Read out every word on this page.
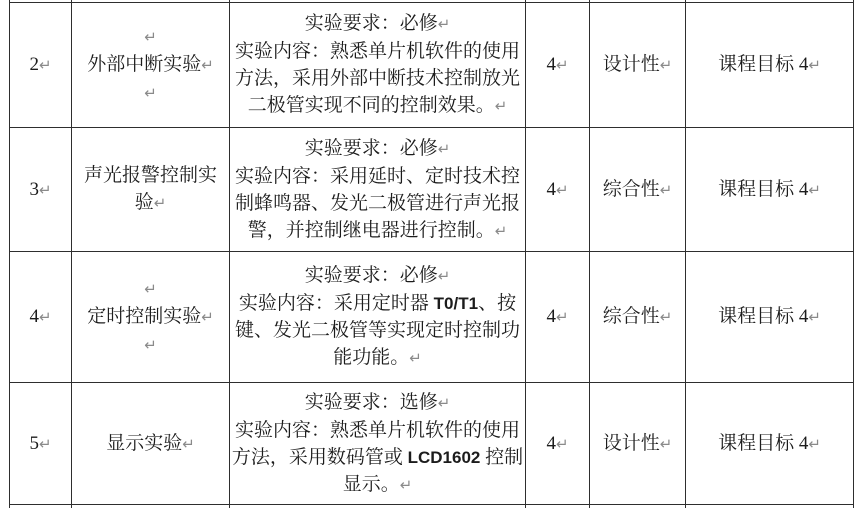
2↵	↵
外部中断实验↵
↵	实验要求：必修↵
实验内容：熟悉单片机软件的使用
方法，采用外部中断技术控制放光
二极管实现不同的控制效果。↵	4↵	设计性↵	课程目标 4↵
3↵	声光报警控制实
验↵	实验要求：必修↵
实验内容：采用延时、定时技术控
制蜂鸣器、发光二极管进行声光报
警，并控制继电器进行控制。↵	4↵	综合性↵	课程目标 4↵
4↵	↵
定时控制实验↵
↵	实验要求：必修↵
实验内容：采用定时器 T0/T1、按
键、发光二极管等实现定时控制功
能功能。↵	4↵	综合性↵	课程目标 4↵
5↵	显示实验↵	实验要求：选修↵
实验内容：熟悉单片机软件的使用
方法，采用数码管或 LCD1602 控制
显示。↵	4↵	设计性↵	课程目标 4↵
